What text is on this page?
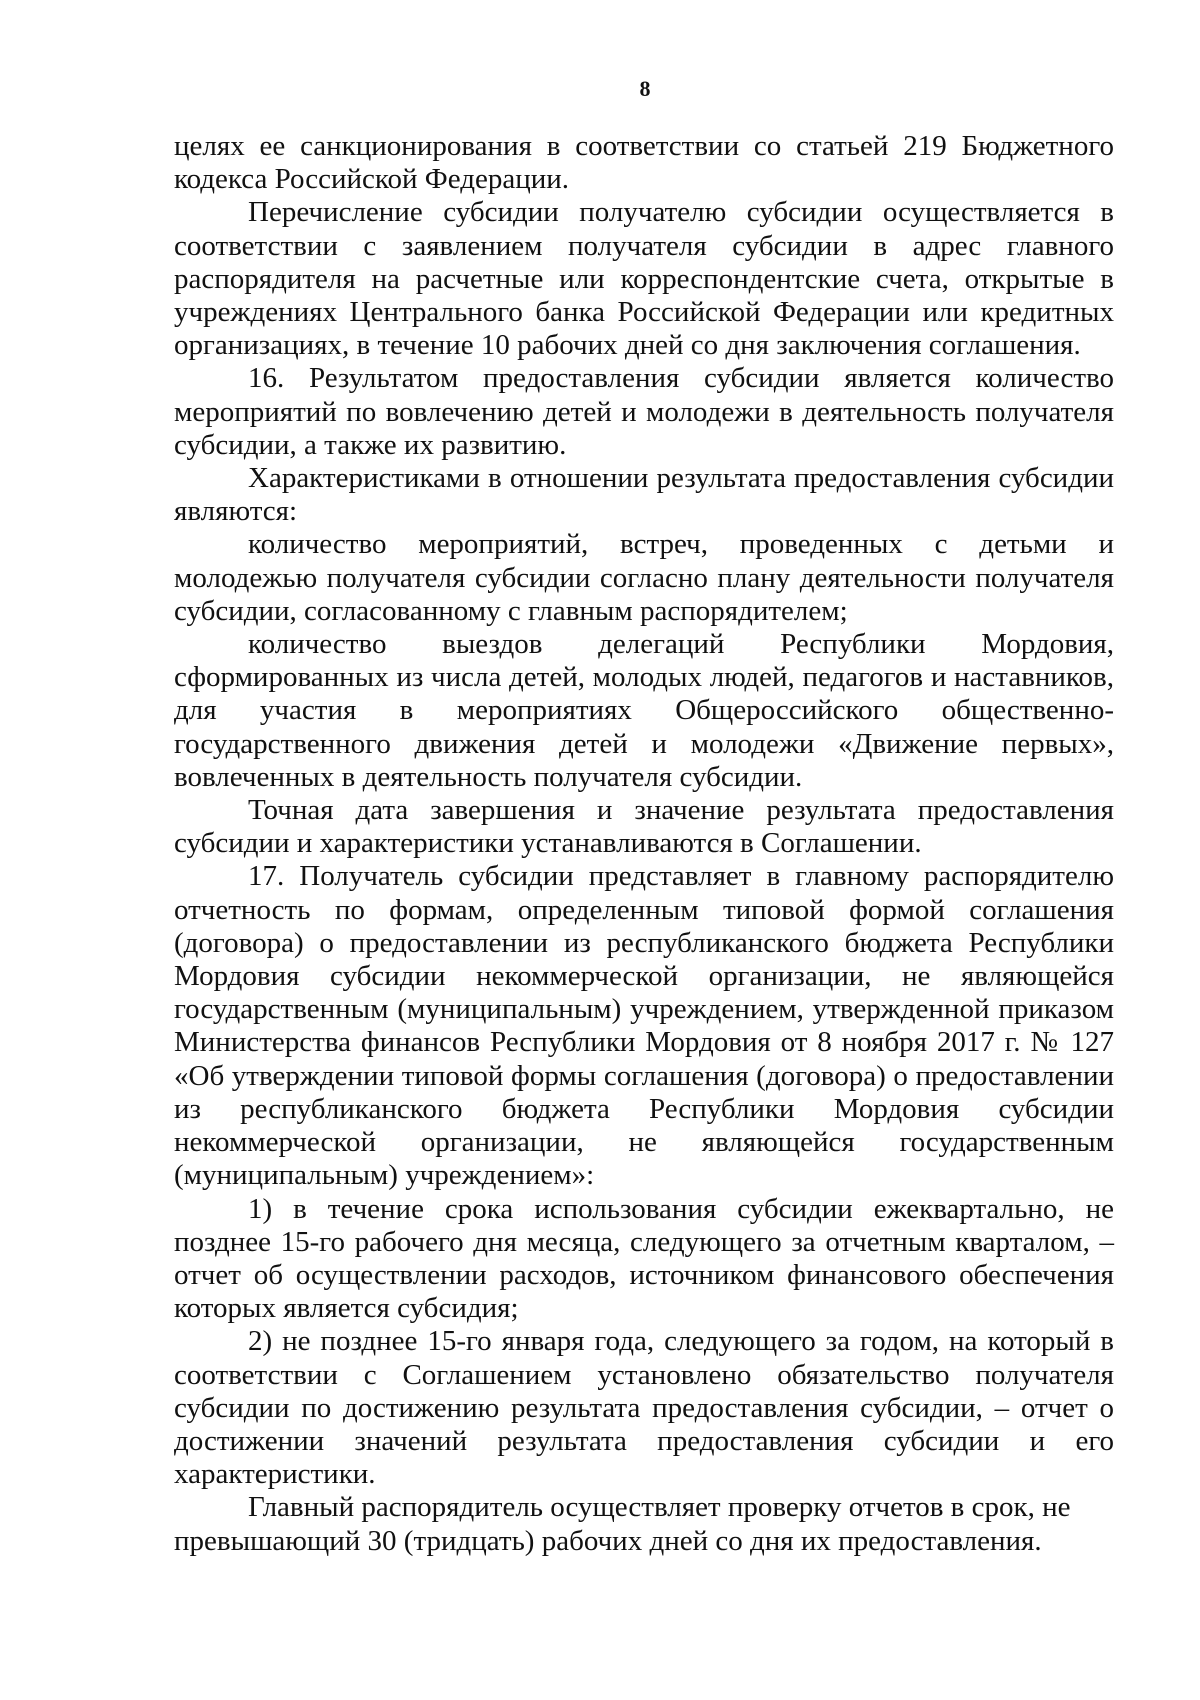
8

целях ее санкционирования в соответствии со статьей 219 Бюджетного кодекса Российской Федерации.

Перечисление субсидии получателю субсидии осуществляется в соответствии с заявлением получателя субсидии в адрес главного распорядителя на расчетные или корреспондентские счета, открытые в учреждениях Центрального банка Российской Федерации или кредитных организациях, в течение 10 рабочих дней со дня заключения соглашения.

16. Результатом предоставления субсидии является количество мероприятий по вовлечению детей и молодежи в деятельность получателя субсидии, а также их развитию.

Характеристиками в отношении результата предоставления субсидии являются:

количество мероприятий, встреч, проведенных с детьми и молодежью получателя субсидии согласно плану деятельности получателя субсидии, согласованному с главным распорядителем;

количество выездов делегаций Республики Мордовия, сформированных из числа детей, молодых людей, педагогов и наставников, для участия в мероприятиях Общероссийского общественно-государственного движения детей и молодежи «Движение первых», вовлеченных в деятельность получателя субсидии.

Точная дата завершения и значение результата предоставления субсидии и характеристики устанавливаются в Соглашении.

17. Получатель субсидии представляет в главному распорядителю отчетность по формам, определенным типовой формой соглашения (договора) о предоставлении из республиканского бюджета Республики Мордовия субсидии некоммерческой организации, не являющейся государственным (муниципальным) учреждением, утвержденной приказом Министерства финансов Республики Мордовия от 8 ноября 2017 г. № 127 «Об утверждении типовой формы соглашения (договора) о предоставлении из республиканского бюджета Республики Мордовия субсидии некоммерческой организации, не являющейся государственным (муниципальным) учреждением»:

1) в течение срока использования субсидии ежеквартально, не позднее 15-го рабочего дня месяца, следующего за отчетным кварталом, – отчет об осуществлении расходов, источником финансового обеспечения которых является субсидия;

2) не позднее 15-го января года, следующего за годом, на который в соответствии с Соглашением установлено обязательство получателя субсидии по достижению результата предоставления субсидии, – отчет о достижении значений результата предоставления субсидии и его характеристики.

Главный распорядитель осуществляет проверку отчетов в срок, не превышающий 30 (тридцать) рабочих дней со дня их предоставления.
